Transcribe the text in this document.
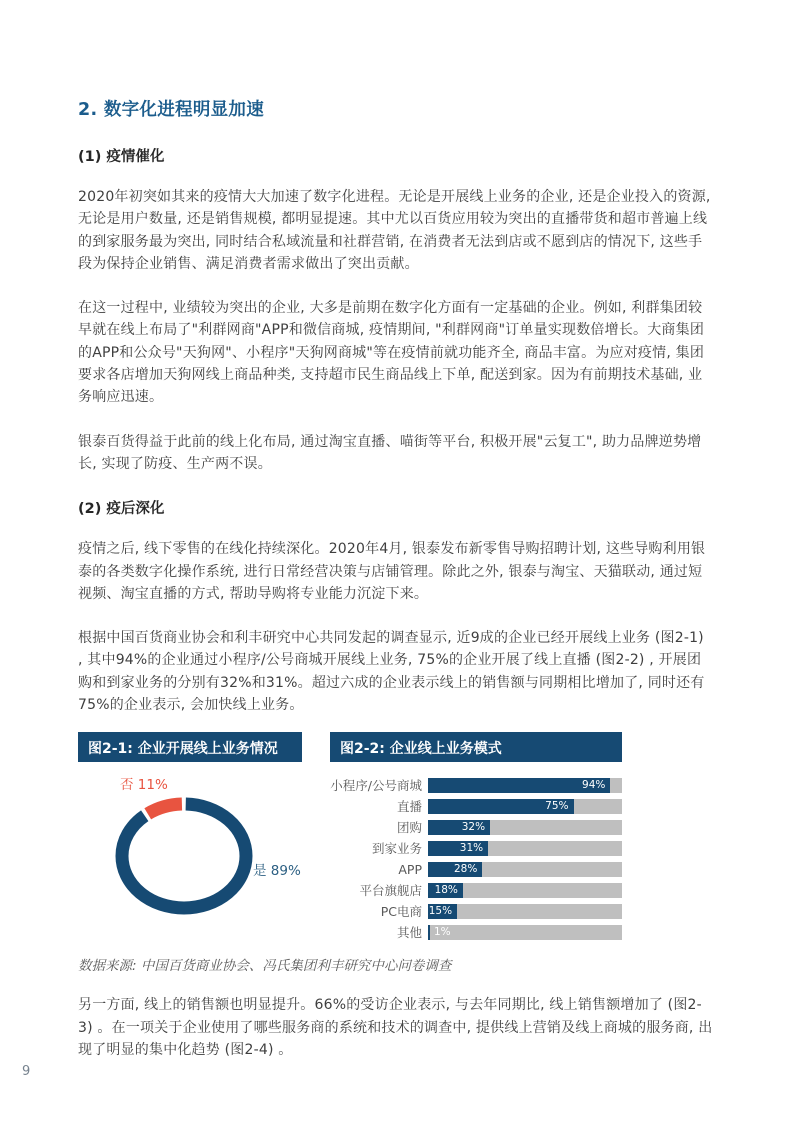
2. 数字化进程明显加速
(1) 疫情催化

2020年初突如其来的疫情大大加速了数字化进程。无论是开展线上业务的企业, 还是企业投入的资源, 无论是用户数量, 还是销售规模, 都明显提速。其中尤以百货应用较为突出的直播带货和超市普遍上线的到家服务最为突出, 同时结合私域流量和社群营销, 在消费者无法到店或不愿到店的情况下, 这些手段为保持企业销售、满足消费者需求做出了突出贡献。

在这一过程中, 业绩较为突出的企业, 大多是前期在数字化方面有一定基础的企业。例如, 利群集团较早就在线上布局了"利群网商"APP和微信商城, 疫情期间, "利群网商"订单量实现数倍增长。大商集团的APP和公众号"天狗网"、小程序"天狗网商城"等在疫情前就功能齐全, 商品丰富。为应对疫情, 集团要求各店增加天狗网线上商品种类, 支持超市民生商品线上下单, 配送到家。因为有前期技术基础, 业务响应迅速。

银泰百货得益于此前的线上化布局, 通过淘宝直播、喵街等平台, 积极开展"云复工", 助力品牌逆势增长, 实现了防疫、生产两不误。

(2) 疫后深化

疫情之后, 线下零售的在线化持续深化。2020年4月, 银泰发布新零售导购招聘计划, 这些导购利用银泰的各类数字化操作系统, 进行日常经营决策与店铺管理。除此之外, 银泰与淘宝、天猫联动, 通过短视频、淘宝直播的方式, 帮助导购将专业能力沉淀下来。

根据中国百货商业协会和利丰研究中心共同发起的调查显示, 近9成的企业已经开展线上业务 (图2-1) , 其中94%的企业通过小程序/公号商城开展线上业务, 75%的企业开展了线上直播 (图2-2) , 开展团购和到家业务的分别有32%和31%。超过六成的企业表示线上的销售额与同期相比增加了, 同时还有75%的企业表示, 会加快线上业务。

图2-1: 企业开展线上业务情况
否 11%
是 89%
图2-2: 企业线上业务模式
小程序/公号商城	94%
直播	75%
团购	32%
到家业务	31%
APP	28%
平台旗舰店	18%
PC电商 15%
其他	1%

数据来源: 中国百货商业协会、冯氏集团利丰研究中心问卷调查

另一方面, 线上的销售额也明显提升。66%的受访企业表示, 与去年同期比, 线上销售额增加了 (图2-3) 。在一项关于企业使用了哪些服务商的系统和技术的调查中, 提供线上营销及线上商城的服务商, 出现了明显的集中化趋势 (图2-4) 。

9
